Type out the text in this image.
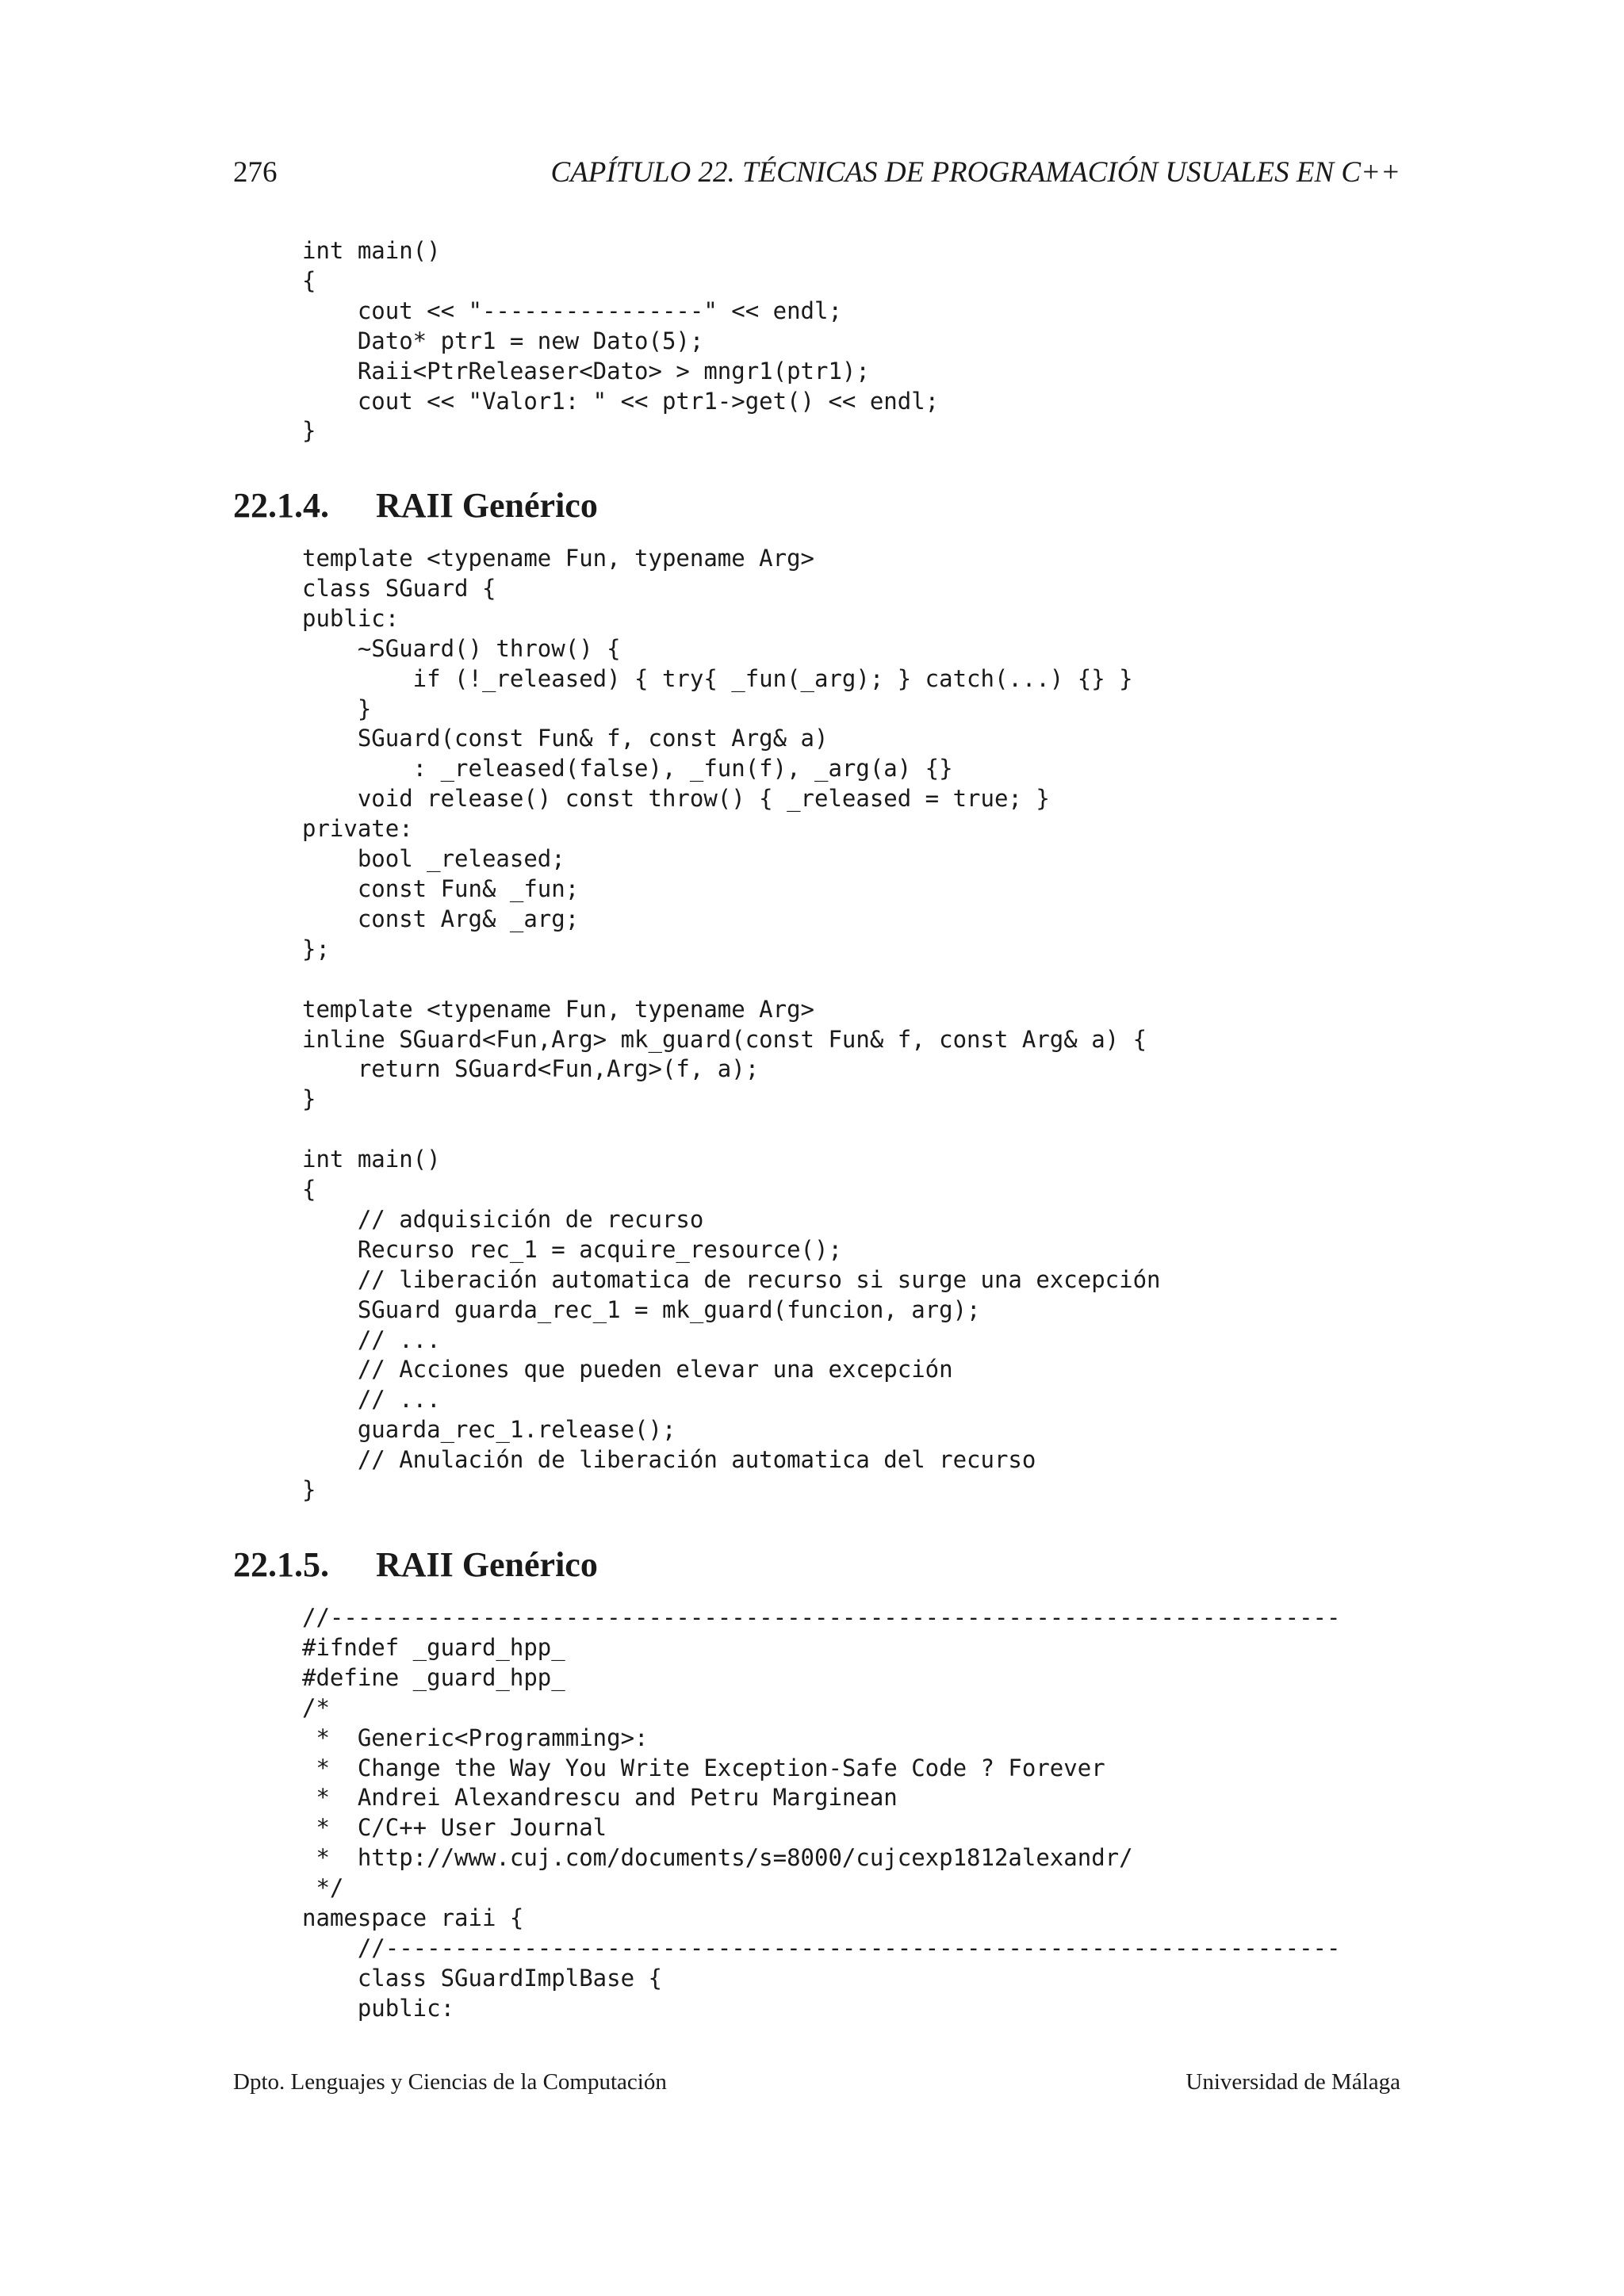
276	CAPÍTULO 22. TÉCNICAS DE PROGRAMACIÓN USUALES EN C++
int main()
{
cout << "----------------" << endl;
Dato* ptr1 = new Dato(5);
Raii<PtrReleaser<Dato> > mngr1(ptr1);
cout << "Valor1: " << ptr1->get() << endl;
}
22.1.4. RAII Genérico
template <typename Fun, typename Arg>
class SGuard {
public:
~SGuard() throw() {
if (!_released) { try{ _fun(_arg); } catch(...) {} }
}
SGuard(const Fun& f, const Arg& a)
: _released(false), _fun(f), _arg(a) {}
void release() const throw() { _released = true; }
private:
bool _released;
const Fun& _fun;
const Arg& _arg;
};

template <typename Fun, typename Arg>
inline SGuard<Fun,Arg> mk_guard(const Fun& f, const Arg& a) {
return SGuard<Fun,Arg>(f, a);
}

int main()
{
// adquisición de recurso
Recurso rec_1 = acquire_resource();
// liberación automatica de recurso si surge una excepción
SGuard guarda_rec_1 = mk_guard(funcion, arg);
// ...
// Acciones que pueden elevar una excepción
// ...
guarda_rec_1.release();
// Anulación de liberación automatica del recurso
}
22.1.5. RAII Genérico
//-------------------------------------------------------------------------
#ifndef _guard_hpp_
#define _guard_hpp_
/*
*  Generic<Programming>:
*  Change the Way You Write Exception-Safe Code ? Forever
*  Andrei Alexandrescu and Petru Marginean
*  C/C++ User Journal
*  http://www.cuj.com/documents/s=8000/cujcexp1812alexandr/
*/
namespace raii {
//---------------------------------------------------------------------
class SGuardImplBase {
public:
Dpto. Lenguajes y Ciencias de la Computación	Universidad de Málaga
